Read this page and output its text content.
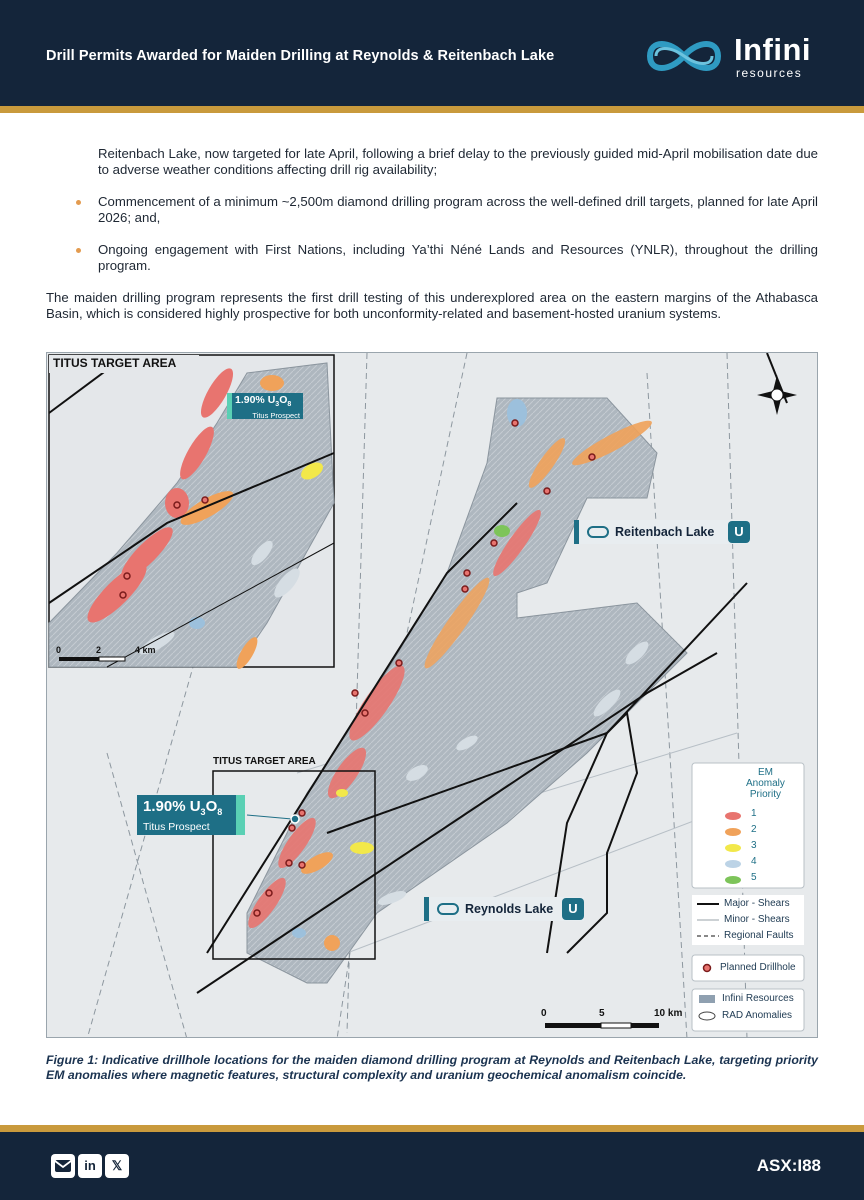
Drill Permits Awarded for Maiden Drilling at Reynolds & Reitenbach Lake	Infini
resources
Reitenbach Lake, now targeted for late April, following a brief delay to the previously guided mid-April mobilisation date due to adverse weather conditions affecting drill rig availability;
Commencement of a minimum ~2,500m diamond drilling program across the well-defined drill targets, planned for late April 2026; and,
Ongoing engagement with First Nations, including Ya’thi Néné Lands and Resources (YNLR), throughout the drilling program.
The maiden drilling program represents the first drill testing of this underexplored area on the eastern margins of the Athabasca Basin, which is considered highly prospective for both unconformity-related and basement-hosted uranium systems.
TITUS TARGET AREA
1.90% $U_3O_8$
Titus Prospect
0	2	4 km
TITUS TARGET AREA
1.90% $U_3O_8$
Titus Prospect
Reitenbach Lake	U
Reynolds Lake	U
0	5	10 km
EM
Anomaly
Priority
1
2
3
4
5
Major - Shears
Minor - Shears
Regional Faults
Planned Drillhole
Infini Resources
RAD Anomalies
Figure 1: Indicative drillhole locations for the maiden diamond drilling program at Reynolds and Reitenbach Lake, targeting priority EM anomalies where magnetic features, structural complexity and uranium geochemical anomalism coincide.
in	𝕏	ASX:I88
